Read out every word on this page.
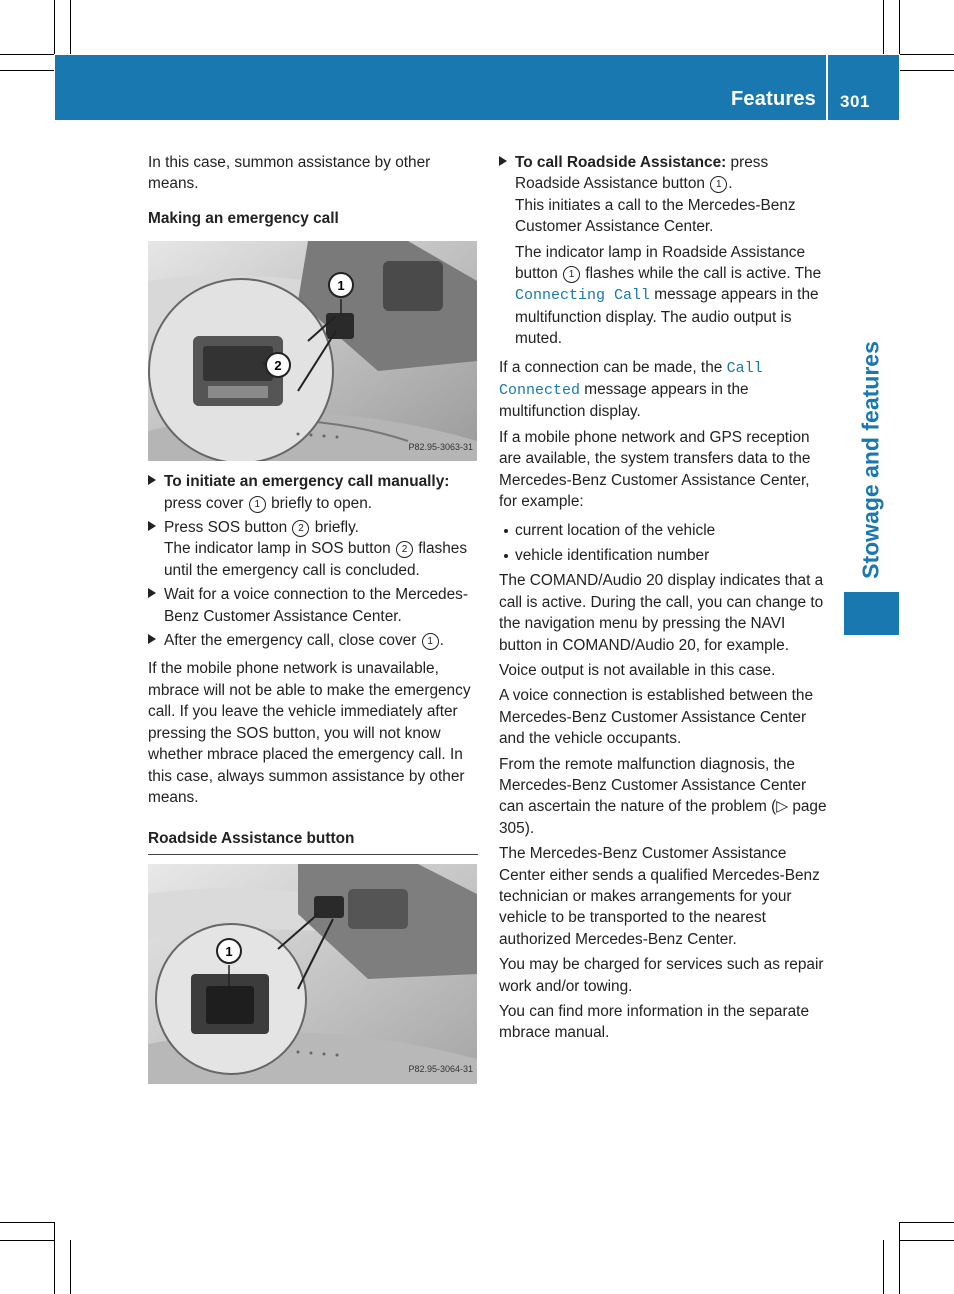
Features 301
Stowage and features

In this case, summon assistance by other means.

Making an emergency call

1
2
P82.95-3063-31

To initiate an emergency call manually:
press cover 1 briefly to open.

Press SOS button 2 briefly.
The indicator lamp in SOS button 2 flashes until the emergency call is concluded.

Wait for a voice connection to the Mercedes-Benz Customer Assistance Center.

After the emergency call, close cover 1 .

If the mobile phone network is unavailable, mbrace will not be able to make the emergency call. If you leave the vehicle immediately after pressing the SOS button, you will not know whether mbrace placed the emergency call. In this case, always summon assistance by other means.

Roadside Assistance button

1
P82.95-3064-31

To call Roadside Assistance: press Roadside Assistance button 1 .
This initiates a call to the Mercedes-Benz Customer Assistance Center.

The indicator lamp in Roadside Assistance button 1 flashes while the call is active. The Connecting Call message appears in the multifunction display. The audio output is muted.

If a connection can be made, the Call Connected message appears in the multifunction display.

If a mobile phone network and GPS reception are available, the system transfers data to the Mercedes-Benz Customer Assistance Center, for example:

current location of the vehicle

vehicle identification number

The COMAND/Audio 20 display indicates that a call is active. During the call, you can change to the navigation menu by pressing the NAVI button in COMAND/Audio 20, for example.

Voice output is not available in this case.

A voice connection is established between the Mercedes-Benz Customer Assistance Center and the vehicle occupants.

From the remote malfunction diagnosis, the Mercedes-Benz Customer Assistance Center can ascertain the nature of the problem (▷ page 305).

The Mercedes-Benz Customer Assistance Center either sends a qualified Mercedes-Benz technician or makes arrangements for your vehicle to be transported to the nearest authorized Mercedes-Benz Center.

You may be charged for services such as repair work and/or towing.

You can find more information in the separate mbrace manual.
